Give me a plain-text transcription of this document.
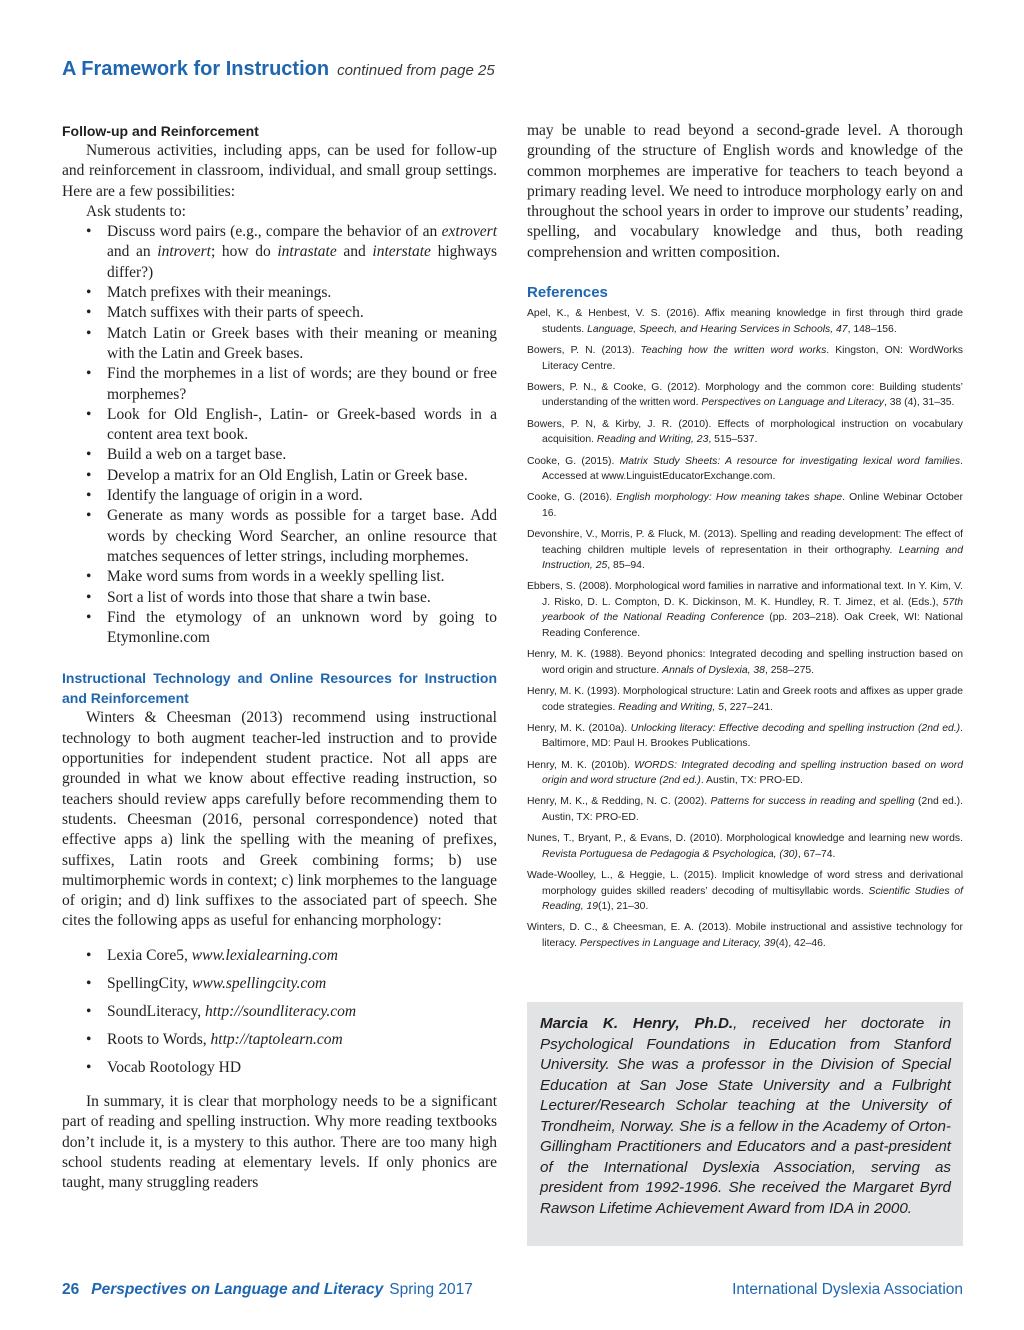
A Framework for Instruction continued from page 25
Follow-up and Reinforcement

Numerous activities, including apps, can be used for follow-up and reinforcement in classroom, individual, and small group settings. Here are a few possibilities:

Ask students to:

• Discuss word pairs (e.g., compare the behavior of an extrovert and an introvert; how do intrastate and interstate highways differ?)
• Match prefixes with their meanings.
• Match suffixes with their parts of speech.
• Match Latin or Greek bases with their meaning or meaning with the Latin and Greek bases.
• Find the morphemes in a list of words; are they bound or free morphemes?
• Look for Old English-, Latin- or Greek-based words in a content area text book.
• Build a web on a target base.
• Develop a matrix for an Old English, Latin or Greek base.
• Identify the language of origin in a word.
• Generate as many words as possible for a target base. Add words by checking Word Searcher, an online resource that matches sequences of letter strings, including morphemes.
• Make word sums from words in a weekly spelling list.
• Sort a list of words into those that share a twin base.
• Find the etymology of an unknown word by going to Etymonline.com
Instructional Technology and Online Resources for Instruction and Reinforcement

Winters & Cheesman (2013) recommend using instructional technology to both augment teacher-led instruction and to provide opportunities for independent student practice. Not all apps are grounded in what we know about effective reading instruction, so teachers should review apps carefully before recommending them to students. Cheesman (2016, personal correspondence) noted that effective apps a) link the spelling with the meaning of prefixes, suffixes, Latin roots and Greek combining forms; b) use multimorphemic words in context; c) link morphemes to the language of origin; and d) link suffixes to the associated part of speech. She cites the following apps as useful for enhancing morphology:

• Lexia Core5, www.lexialearning.com
• SpellingCity, www.spellingcity.com
• SoundLiteracy, http://soundliteracy.com
• Roots to Words, http://taptolearn.com
• Vocab Rootology HD

In summary, it is clear that morphology needs to be a significant part of reading and spelling instruction. Why more reading textbooks don’t include it, is a mystery to this author. There are too many high school students reading at elementary levels. If only phonics are taught, many struggling readers

may be unable to read beyond a second-grade level. A thorough grounding of the structure of English words and knowledge of the common morphemes are imperative for teachers to teach beyond a primary reading level. We need to introduce morphology early on and throughout the school years in order to improve our students’ reading, spelling, and vocabulary knowledge and thus, both reading comprehension and written composition.

References

Apel, K., & Henbest, V. S. (2016). Affix meaning knowledge in first through third grade students. Language, Speech, and Hearing Services in Schools, 47, 148–156.

Bowers, P. N. (2013). Teaching how the written word works. Kingston, ON: WordWorks Literacy Centre.

Bowers, P. N., & Cooke, G. (2012). Morphology and the common core: Building students’ understanding of the written word. Perspectives on Language and Literacy, 38 (4), 31–35.

Bowers, P. N, & Kirby, J. R. (2010). Effects of morphological instruction on vocabulary acquisition. Reading and Writing, 23, 515–537.

Cooke, G. (2015). Matrix Study Sheets: A resource for investigating lexical word families. Accessed at www.LinguistEducatorExchange.com.

Cooke, G. (2016). English morphology: How meaning takes shape. Online Webinar October 16.

Devonshire, V., Morris, P. & Fluck, M. (2013). Spelling and reading development: The effect of teaching children multiple levels of representation in their orthography. Learning and Instruction, 25, 85–94.

Ebbers, S. (2008). Morphological word families in narrative and informational text. In Y. Kim, V. J. Risko, D. L. Compton, D. K. Dickinson, M. K. Hundley, R. T. Jimez, et al. (Eds.), 57th yearbook of the National Reading Conference (pp. 203–218). Oak Creek, WI: National Reading Conference.

Henry, M. K. (1988). Beyond phonics: Integrated decoding and spelling instruction based on word origin and structure. Annals of Dyslexia, 38, 258–275.

Henry, M. K. (1993). Morphological structure: Latin and Greek roots and affixes as upper grade code strategies. Reading and Writing, 5, 227–241.

Henry, M. K. (2010a). Unlocking literacy: Effective decoding and spelling instruction (2nd ed.). Baltimore, MD: Paul H. Brookes Publications.

Henry, M. K. (2010b). WORDS: Integrated decoding and spelling instruction based on word origin and word structure (2nd ed.). Austin, TX: PRO-ED.

Henry, M. K., & Redding, N. C. (2002). Patterns for success in reading and spelling (2nd ed.). Austin, TX: PRO-ED.

Nunes, T., Bryant, P., & Evans, D. (2010). Morphological knowledge and learning new words. Revista Portuguesa de Pedagogia & Psychologica, (30), 67–74.

Wade-Woolley, L., & Heggie, L. (2015). Implicit knowledge of word stress and derivational morphology guides skilled readers’ decoding of multisyllabic words. Scientific Studies of Reading, 19(1), 21–30.

Winters, D. C., & Cheesman, E. A. (2013). Mobile instructional and assistive technology for literacy. Perspectives in Language and Literacy, 39(4), 42–46.

Marcia K. Henry, Ph.D., received her doctorate in Psychological Foundations in Education from Stanford University. She was a professor in the Division of Special Education at San Jose State University and a Fulbright Lecturer/Research Scholar teaching at the University of Trondheim, Norway. She is a fellow in the Academy of Orton-Gillingham Practitioners and Educators and a past-president of the International Dyslexia Association, serving as president from 1992-1996. She received the Margaret Byrd Rawson Lifetime Achievement Award from IDA in 2000.

26 Perspectives on Language and Literacy Spring 2017	International Dyslexia Association
